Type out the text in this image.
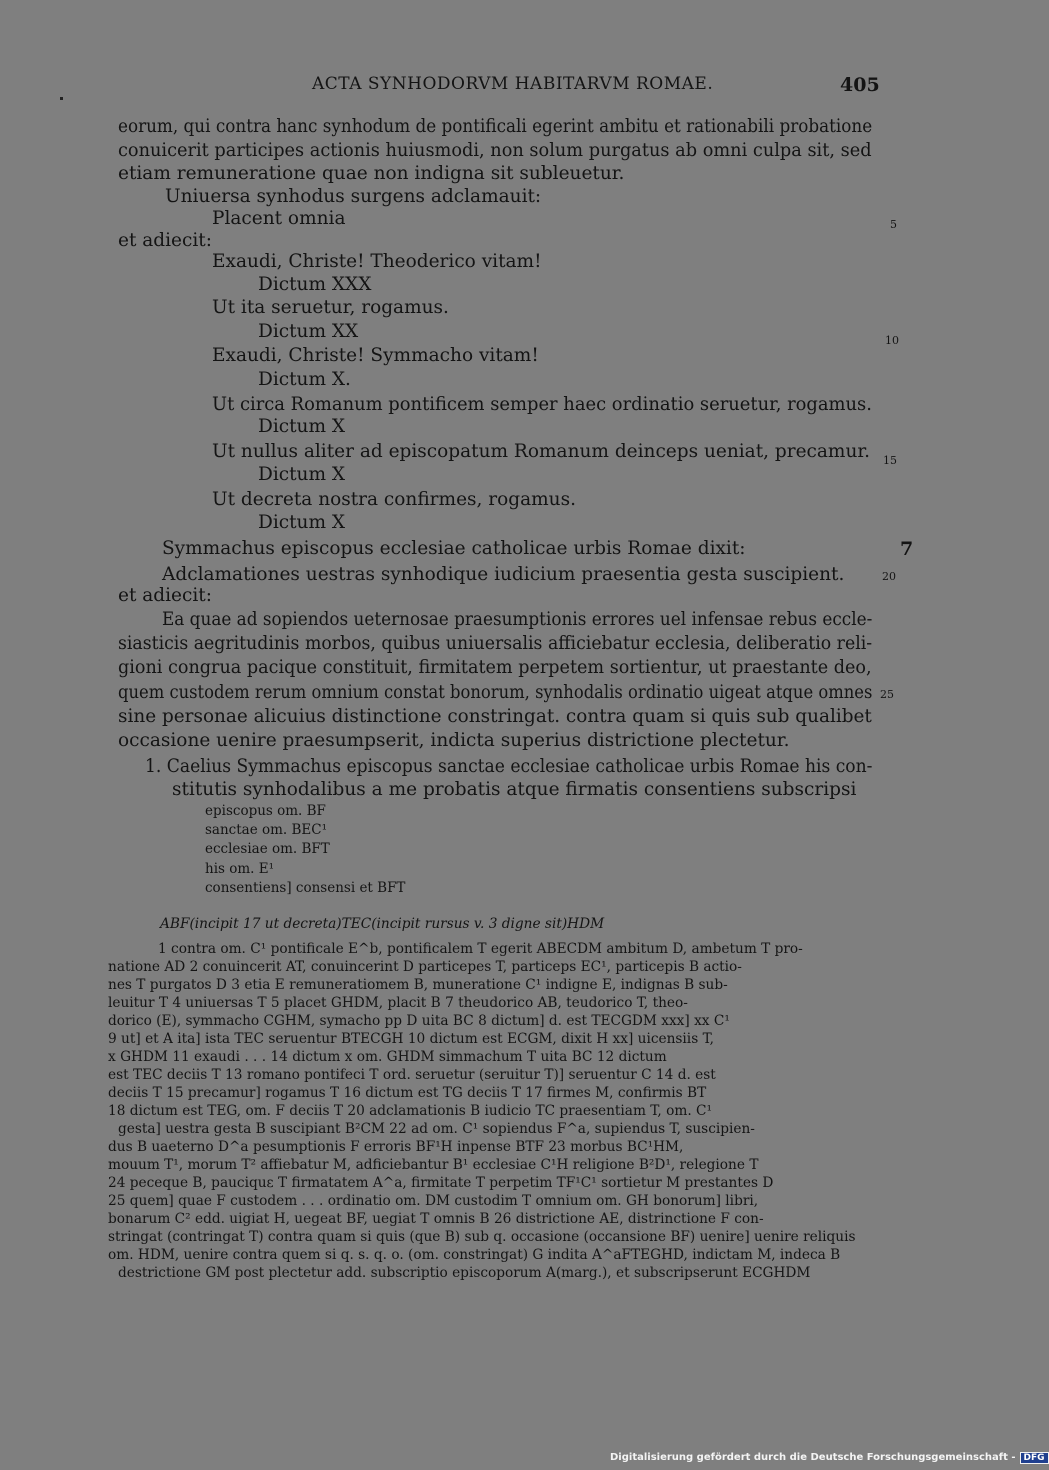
ACTA SYNHODORVM HABITARVM ROMAE.	405
eorum, qui contra hanc synhodum de pontificali egerint ambitu et rationabili probatione
conuicerit participes actionis huiusmodi, non solum purgatus ab omni culpa sit, sed
etiam remuneratione quae non indigna sit subleuetur.
Uniuersa synhodus surgens adclamauit:
Placent omnia
et adiecit:
Exaudi, Christe! Theoderico vitam!
Dictum XXX
Ut ita seruetur, rogamus.
Dictum XX
Exaudi, Christe! Symmacho vitam!
Dictum X.
Ut circa Romanum pontificem semper haec ordinatio seruetur, rogamus.
Dictum X
Ut nullus aliter ad episcopatum Romanum deinceps ueniat, precamur.
Dictum X
Ut decreta nostra confirmes, rogamus.
Dictum X
Symmachus episcopus ecclesiae catholicae urbis Romae dixit:
Adclamationes uestras synhodique iudicium praesentia gesta suscipient.
et adiecit:
Ea quae ad sopiendos ueternosae praesumptionis errores uel infensae rebus eccle-
siasticis aegritudinis morbos, quibus uniuersalis afficiebatur ecclesia, deliberatio reli-
gioni congrua pacique constituit, firmitatem perpetem sortientur, ut praestante deo,
quem custodem rerum omnium constat bonorum, synhodalis ordinatio uigeat atque omnes
sine personae alicuius distinctione constringat. contra quam si quis sub qualibet
occasione uenire praesumpserit, indicta superius districtione plectetur.
1. Caelius Symmachus episcopus sanctae ecclesiae catholicae urbis Romae his con-
stitutis synhodalibus a me probatis atque firmatis consentiens subscripsi
5
10
15
7
20
25
episcopus om. BF
sanctae om. BEC¹
ecclesiae om. BFT
his om. E¹
consentiens] consensi et BFT
ABF(incipit 17 ut decreta)TEC(incipit rursus v. 3 digne sit)HDM
1 contra om. C¹ pontificale E^b, pontificalem T egerit ABECDM ambitum D, ambetum T pro-
natione AD 2 conuincerit AT, conuincerint D particepes T, particeps EC¹, particepis B actio-
nes T purgatos D 3 etia E remuneratiomem B, muneratione C¹ indigne E, indignas B sub-
leuitur T 4 uniuersas T 5 placet GHDM, placit B 7 theudorico AB, teudorico T, theo-
dorico (E), symmacho CGHM, symacho pp D uita BC 8 dictum] d. est TECGDM xxx] xx C¹
9 ut] et A ita] ista TEC seruentur BTECGH 10 dictum est ECGM, dixit H xx] uicensiis T,
x GHDM 11 exaudi . . . 14 dictum x om. GHDM simmachum T uita BC 12 dictum
est TEC deciis T 13 romano pontifeci T ord. seruetur (seruitur T)] seruentur C 14 d. est
deciis T 15 precamur] rogamus T 16 dictum est TG deciis T 17 firmes M, confirmis BT
18 dictum est TEG, om. F deciis T 20 adclamationis B iudicio TC praesentiam T, om. C¹
gesta] uestra gesta B suscipiant B²CM 22 ad om. C¹ sopiendus F^a, supiendus T, suscipien-
dus B uaeterno D^a pesumptionis F erroris BF¹H inpense BTF 23 morbus BC¹HM,
mouum T¹, morum T² affiebatur M, adficiebantur B¹ ecclesiae C¹H religione B²D¹, relegione T
24 peceque B, pauciquε T firmatatem A^a, firmitate T perpetim TF¹C¹ sortietur M prestantes D
25 quem] quae F custodem . . . ordinatio om. DM custodim T omnium om. GH bonorum] libri,
bonarum C² edd. uigiat H, uegeat BF, uegiat T omnis B 26 districtione AE, distrinctione F con-
stringat (contringat T) contra quam si quis (que B) sub q. occasione (occansione BF) uenire] uenire reliquis
om. HDM, uenire contra quem si q. s. q. o. (om. constringat) G indita A^aFTEGHD, indictam M, indeca B
destrictione GM post plectetur add. subscriptio episcoporum A(marg.), et subscripserunt ECGHDM
Digitalisierung gefördert durch die Deutsche Forschungsgemeinschaft - DFG
